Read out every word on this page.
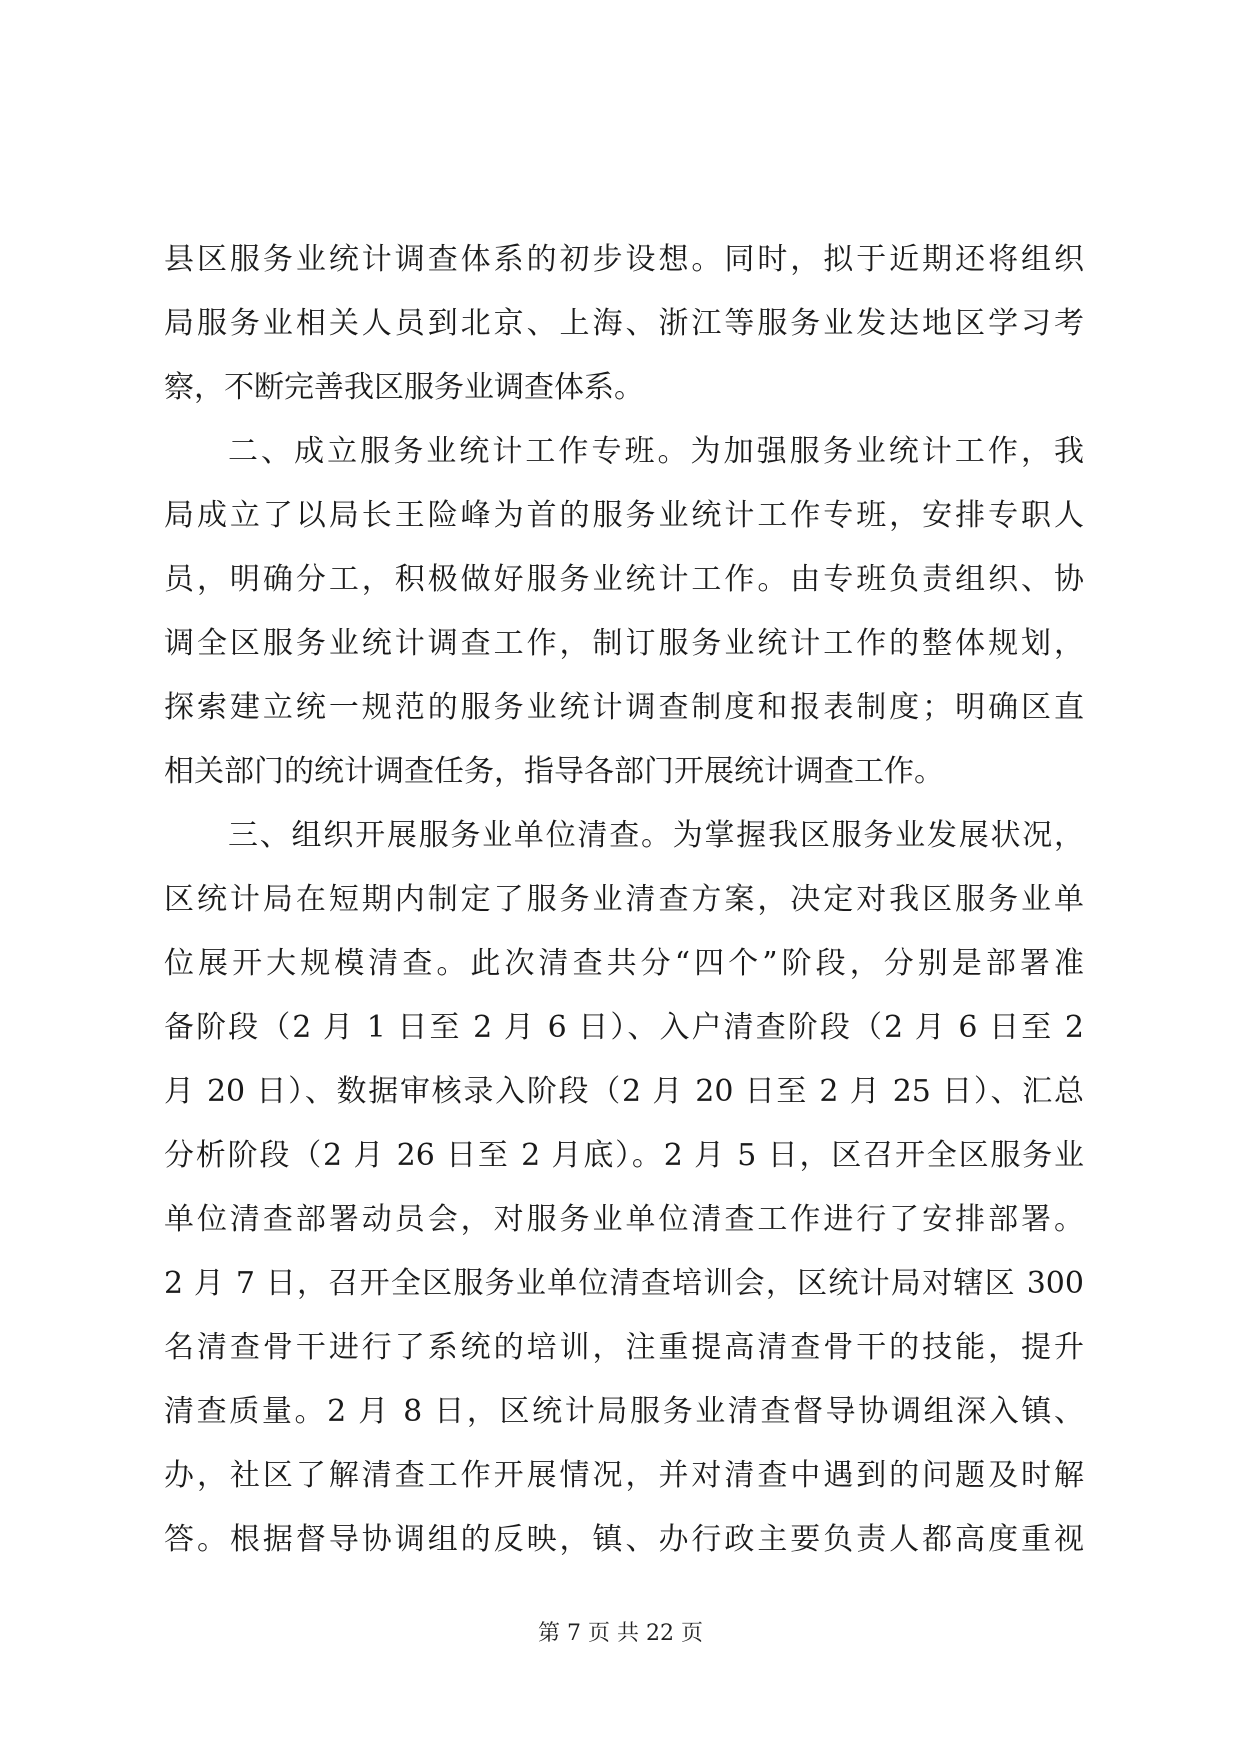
县区服务业统计调查体系的初步设想。同时，拟于近期还将组织
局服务业相关人员到北京、上海、浙江等服务业发达地区学习考
察，不断完善我区服务业调查体系。
二、成立服务业统计工作专班。为加强服务业统计工作，我
局成立了以局长王险峰为首的服务业统计工作专班，安排专职人
员，明确分工，积极做好服务业统计工作。由专班负责组织、协
调全区服务业统计调查工作，制订服务业统计工作的整体规划，
探索建立统一规范的服务业统计调查制度和报表制度；明确区直
相关部门的统计调查任务，指导各部门开展统计调查工作。
三、组织开展服务业单位清查。为掌握我区服务业发展状况，
区统计局在短期内制定了服务业清查方案，决定对我区服务业单
位展开大规模清查。此次清查共分“四个”阶段，分别是部署准
备阶段（2 月 1 日至 2 月 6 日）、入户清查阶段（2 月 6 日至 2
月 20 日）、数据审核录入阶段（2 月 20 日至 2 月 25 日）、汇总
分析阶段（2 月 26 日至 2 月底）。2 月 5 日，区召开全区服务业
单位清查部署动员会，对服务业单位清查工作进行了安排部署。
2 月 7 日，召开全区服务业单位清查培训会，区统计局对辖区 300
名清查骨干进行了系统的培训，注重提高清查骨干的技能，提升
清查质量。2 月 8 日，区统计局服务业清查督导协调组深入镇、
办，社区了解清查工作开展情况，并对清查中遇到的问题及时解
答。根据督导协调组的反映，镇、办行政主要负责人都高度重视
第 7 页 共 22 页
